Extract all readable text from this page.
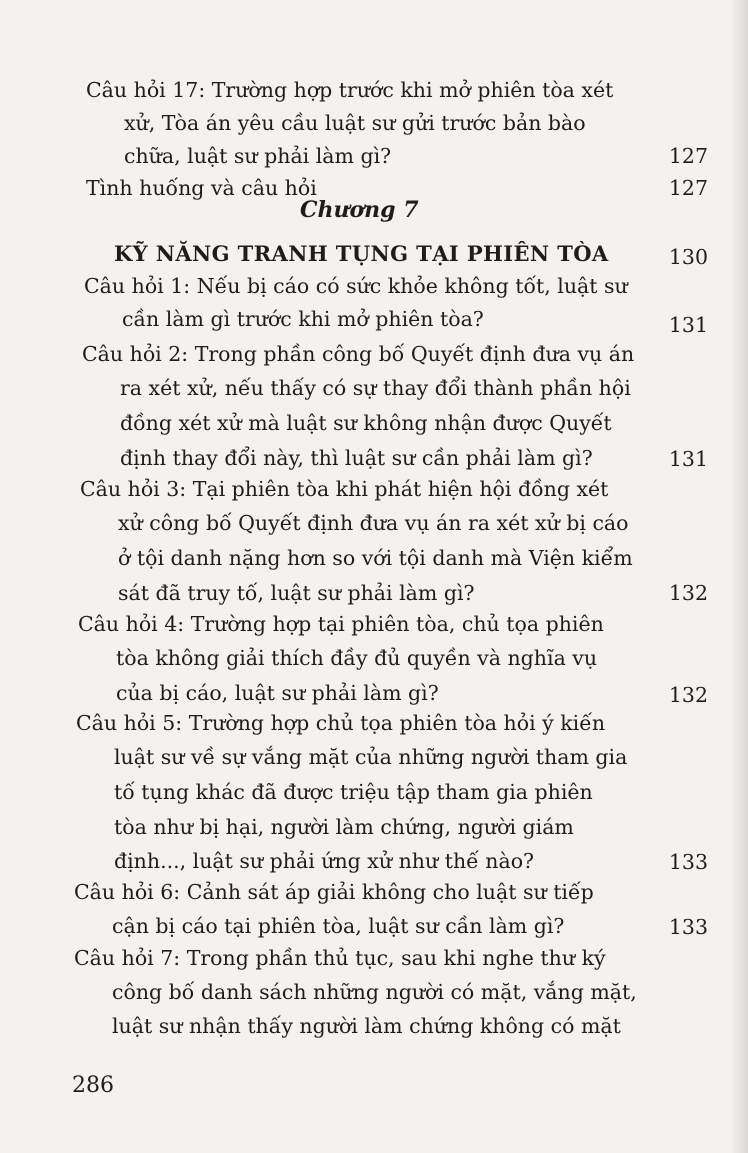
Câu hỏi 17: Trường hợp trước khi mở phiên tòa xét
xử, Tòa án yêu cầu luật sư gửi trước bản bào
chữa, luật sư phải làm gì?	127
Tình huống và câu hỏi	127
Chương 7
KỸ NĂNG TRANH TỤNG TẠI PHIÊN TÒA	130
Câu hỏi 1: Nếu bị cáo có sức khỏe không tốt, luật sư
cần làm gì trước khi mở phiên tòa?	131
Câu hỏi 2: Trong phần công bố Quyết định đưa vụ án
ra xét xử, nếu thấy có sự thay đổi thành phần hội
đồng xét xử mà luật sư không nhận được Quyết
định thay đổi này, thì luật sư cần phải làm gì?	131
Câu hỏi 3: Tại phiên tòa khi phát hiện hội đồng xét
xử công bố Quyết định đưa vụ án ra xét xử bị cáo
ở tội danh nặng hơn so với tội danh mà Viện kiểm
sát đã truy tố, luật sư phải làm gì?	132
Câu hỏi 4: Trường hợp tại phiên tòa, chủ tọa phiên
tòa không giải thích đầy đủ quyền và nghĩa vụ
của bị cáo, luật sư phải làm gì?	132
Câu hỏi 5: Trường hợp chủ tọa phiên tòa hỏi ý kiến
luật sư về sự vắng mặt của những người tham gia
tố tụng khác đã được triệu tập tham gia phiên
tòa như bị hại, người làm chứng, người giám
định..., luật sư phải ứng xử như thế nào?	133
Câu hỏi 6: Cảnh sát áp giải không cho luật sư tiếp
cận bị cáo tại phiên tòa, luật sư cần làm gì?	133
Câu hỏi 7: Trong phần thủ tục, sau khi nghe thư ký
công bố danh sách những người có mặt, vắng mặt,
luật sư nhận thấy người làm chứng không có mặt
286
